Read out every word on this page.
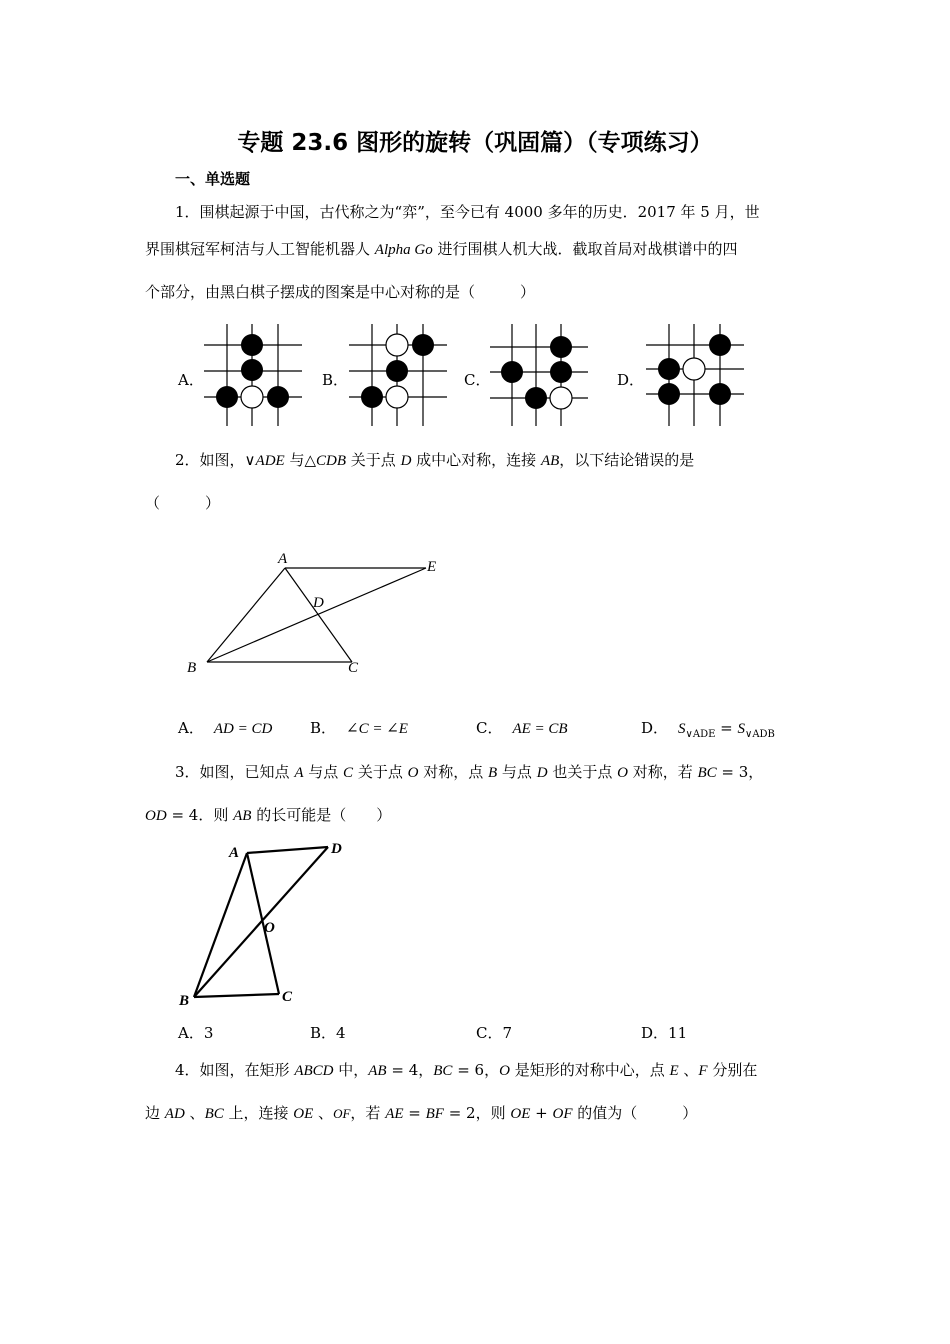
专题 23.6 图形的旋转（巩固篇）（专项练习）
一、单选题
1．围棋起源于中国，古代称之为“弈”，至今已有 4000 多年的历史．2017 年 5 月，世
界围棋冠军柯洁与人工智能机器人 Alpha Go 进行围棋人机大战．截取首局对战棋谱中的四
个部分，由黑白棋子摆成的图案是中心对称的是（　　　）
A．	B．	C．	D．
2．如图，∨ADE 与△CDB 关于点 D 成中心对称，连接 AB，以下结论错误的是
（　　　）
A	E
D
B	C
A． AD = CD	B． ∠C = ∠E	C． AE = CB	D． $S_{\vee ADE} = S_{\vee ADB}$
3．如图，已知点 A 与点 C 关于点 O 对称，点 B 与点 D 也关于点 O 对称，若 BC = 3，
OD = 4．则 AB 的长可能是（　　）
A	D
O
B	C
A．3	B．4	C．7	D．11
4．如图，在矩形 ABCD 中，AB = 4，BC = 6，O 是矩形的对称中心，点 E 、F 分别在
边 AD 、BC 上，连接 OE 、OF，若 AE = BF = 2，则 OE + OF 的值为（　　　）
